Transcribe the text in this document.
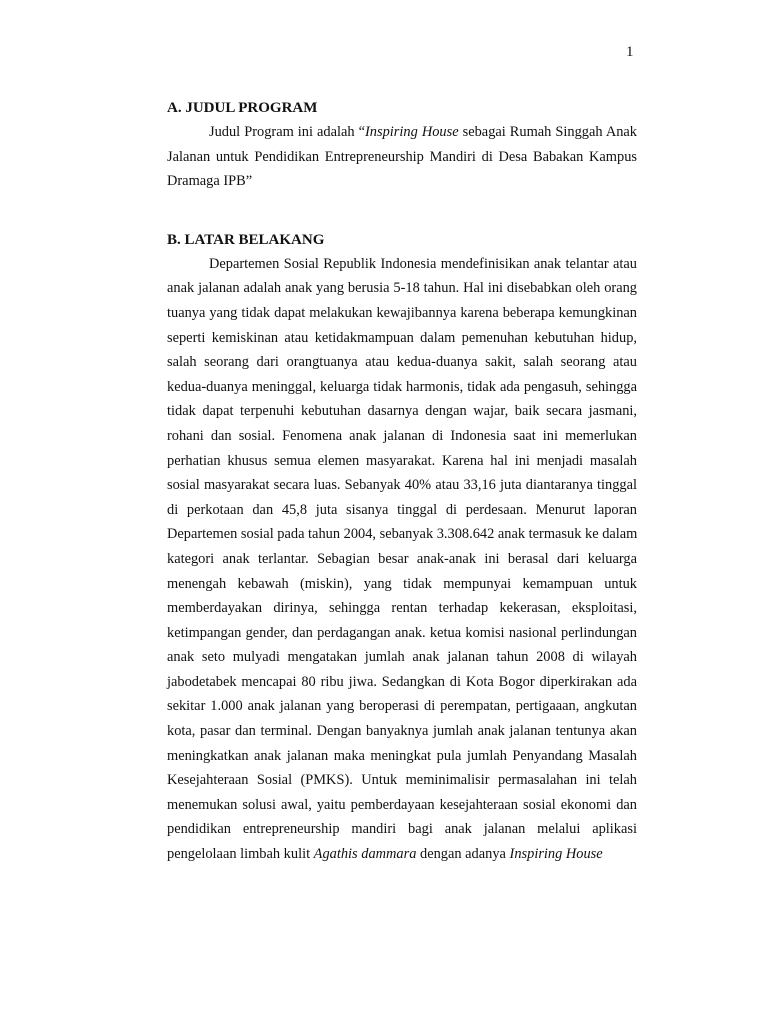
1

A. JUDUL PROGRAM

Judul Program ini adalah “Inspiring House sebagai Rumah Singgah Anak
Jalanan untuk Pendidikan Entrepreneurship Mandiri di Desa Babakan Kampus
Dramaga IPB”

B. LATAR BELAKANG

Departemen Sosial Republik Indonesia mendefinisikan anak telantar atau
anak jalanan adalah anak yang berusia 5-18 tahun. Hal ini disebabkan oleh orang
tuanya yang tidak dapat melakukan kewajibannya karena beberapa kemungkinan
seperti kemiskinan atau ketidakmampuan dalam pemenuhan kebutuhan hidup,
salah seorang dari orangtuanya atau kedua-duanya sakit, salah seorang atau
kedua-duanya meninggal, keluarga tidak harmonis, tidak ada pengasuh, sehingga
tidak dapat terpenuhi kebutuhan dasarnya dengan wajar, baik secara jasmani,
rohani dan sosial. Fenomena anak jalanan di Indonesia saat ini memerlukan
perhatian khusus semua elemen masyarakat. Karena hal ini menjadi masalah
sosial masyarakat secara luas. Sebanyak 40% atau 33,16 juta diantaranya tinggal
di perkotaan dan 45,8 juta sisanya tinggal di perdesaan. Menurut laporan
Departemen sosial pada tahun 2004, sebanyak 3.308.642 anak termasuk ke dalam
kategori anak terlantar. Sebagian besar anak-anak ini berasal dari keluarga
menengah kebawah (miskin), yang tidak mempunyai kemampuan untuk
memberdayakan dirinya, sehingga rentan terhadap kekerasan, eksploitasi,
ketimpangan gender, dan perdagangan anak. ketua komisi nasional perlindungan
anak seto mulyadi mengatakan jumlah anak jalanan tahun 2008 di wilayah
jabodetabek mencapai 80 ribu jiwa. Sedangkan di Kota Bogor diperkirakan ada
sekitar 1.000 anak jalanan yang beroperasi di perempatan, pertigaaan, angkutan
kota, pasar dan terminal. Dengan banyaknya jumlah anak jalanan tentunya akan
meningkatkan anak jalanan maka meningkat pula jumlah Penyandang Masalah
Kesejahteraan Sosial (PMKS). Untuk meminimalisir permasalahan ini telah
menemukan solusi awal, yaitu pemberdayaan kesejahteraan sosial ekonomi dan
pendidikan entrepreneurship mandiri bagi anak jalanan melalui aplikasi
pengelolaan limbah kulit Agathis dammara dengan adanya Inspiring House
